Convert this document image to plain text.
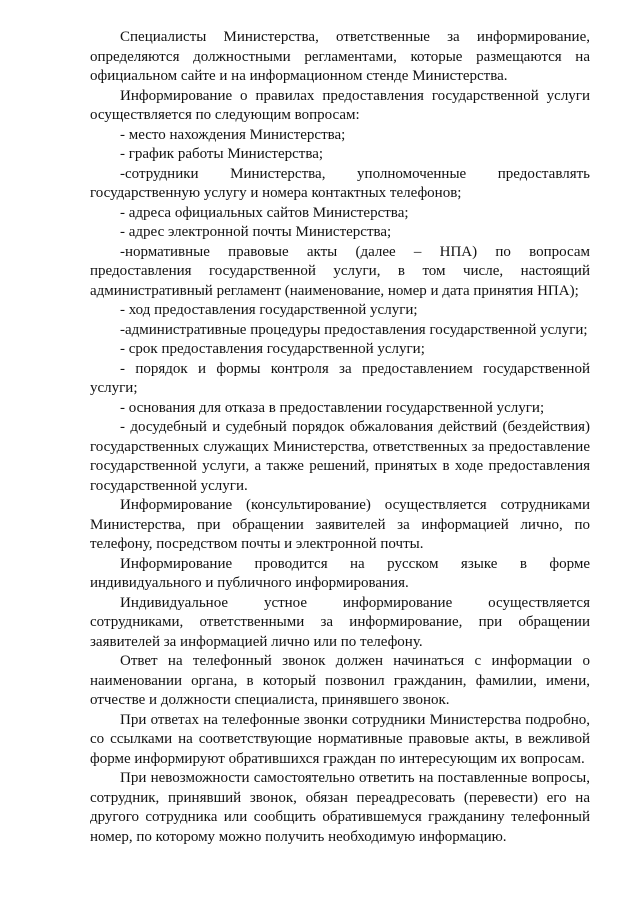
Специалисты Министерства, ответственные за информирование, определяются должностными регламентами, которые размещаются на официальном сайте и на информационном стенде Министерства.

Информирование о правилах предоставления государственной услуги осуществляется по следующим вопросам:

- место нахождения Министерства;

- график работы Министерства;

-сотрудники Министерства, уполномоченные предоставлять государственную услугу и номера контактных телефонов;

- адреса официальных сайтов Министерства;

- адрес электронной почты Министерства;

-нормативные правовые акты (далее – НПА) по вопросам предоставления государственной услуги, в том числе, настоящий административный регламент (наименование, номер и дата принятия НПА);

- ход предоставления государственной услуги;

-административные процедуры предоставления государственной услуги;

- срок предоставления государственной услуги;

- порядок и формы контроля за предоставлением государственной услуги;

- основания для отказа в предоставлении государственной услуги;

- досудебный и судебный порядок обжалования действий (бездействия) государственных служащих Министерства, ответственных за предоставление государственной услуги, а также решений, принятых в ходе предоставления государственной услуги.

Информирование (консультирование) осуществляется сотрудниками Министерства, при обращении заявителей за информацией лично, по телефону, посредством почты и электронной почты.

Информирование проводится на русском языке в форме индивидуального и публичного информирования.

Индивидуальное устное информирование осуществляется сотрудниками, ответственными за информирование, при обращении заявителей за информацией лично или по телефону.

Ответ на телефонный звонок должен начинаться с информации о наименовании органа, в который позвонил гражданин, фамилии, имени, отчестве и должности специалиста, принявшего звонок.

При ответах на телефонные звонки сотрудники Министерства подробно, со ссылками на соответствующие нормативные правовые акты, в вежливой форме информируют обратившихся граждан по интересующим их вопросам.

При невозможности самостоятельно ответить на поставленные вопросы, сотрудник, принявший звонок, обязан переадресовать (перевести) его на другого сотрудника или сообщить обратившемуся гражданину телефонный номер, по которому можно получить необходимую информацию.
